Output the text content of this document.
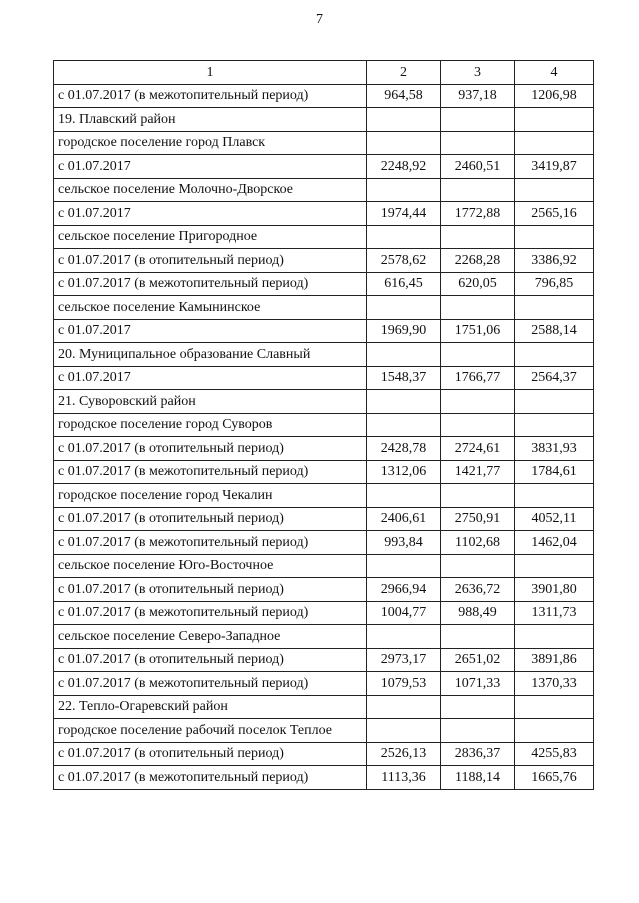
7
1	2	3	4
с 01.07.2017 (в межотопительный период)	964,58	937,18	1206,98
19. Плавский район			
городское поселение город Плавск			
с 01.07.2017	2248,92	2460,51	3419,87
сельское поселение Молочно-Дворское			
с 01.07.2017	1974,44	1772,88	2565,16
сельское поселение Пригородное			
с 01.07.2017 (в отопительный период)	2578,62	2268,28	3386,92
с 01.07.2017 (в межотопительный период)	616,45	620,05	796,85
сельское поселение Камынинское			
с 01.07.2017	1969,90	1751,06	2588,14
20. Муниципальное образование Славный			
с 01.07.2017	1548,37	1766,77	2564,37
21. Суворовский район			
городское поселение город Суворов			
с 01.07.2017 (в отопительный период)	2428,78	2724,61	3831,93
с 01.07.2017 (в межотопительный период)	1312,06	1421,77	1784,61
городское поселение город Чекалин			
с 01.07.2017 (в отопительный период)	2406,61	2750,91	4052,11
с 01.07.2017 (в межотопительный период)	993,84	1102,68	1462,04
сельское поселение Юго-Восточное			
с 01.07.2017 (в отопительный период)	2966,94	2636,72	3901,80
с 01.07.2017 (в межотопительный период)	1004,77	988,49	1311,73
сельское поселение Северо-Западное			
с 01.07.2017 (в отопительный период)	2973,17	2651,02	3891,86
с 01.07.2017 (в межотопительный период)	1079,53	1071,33	1370,33
22. Тепло-Огаревский район			
городское поселение рабочий поселок Теплое			
с 01.07.2017 (в отопительный период)	2526,13	2836,37	4255,83
с 01.07.2017 (в межотопительный период)	1113,36	1188,14	1665,76
